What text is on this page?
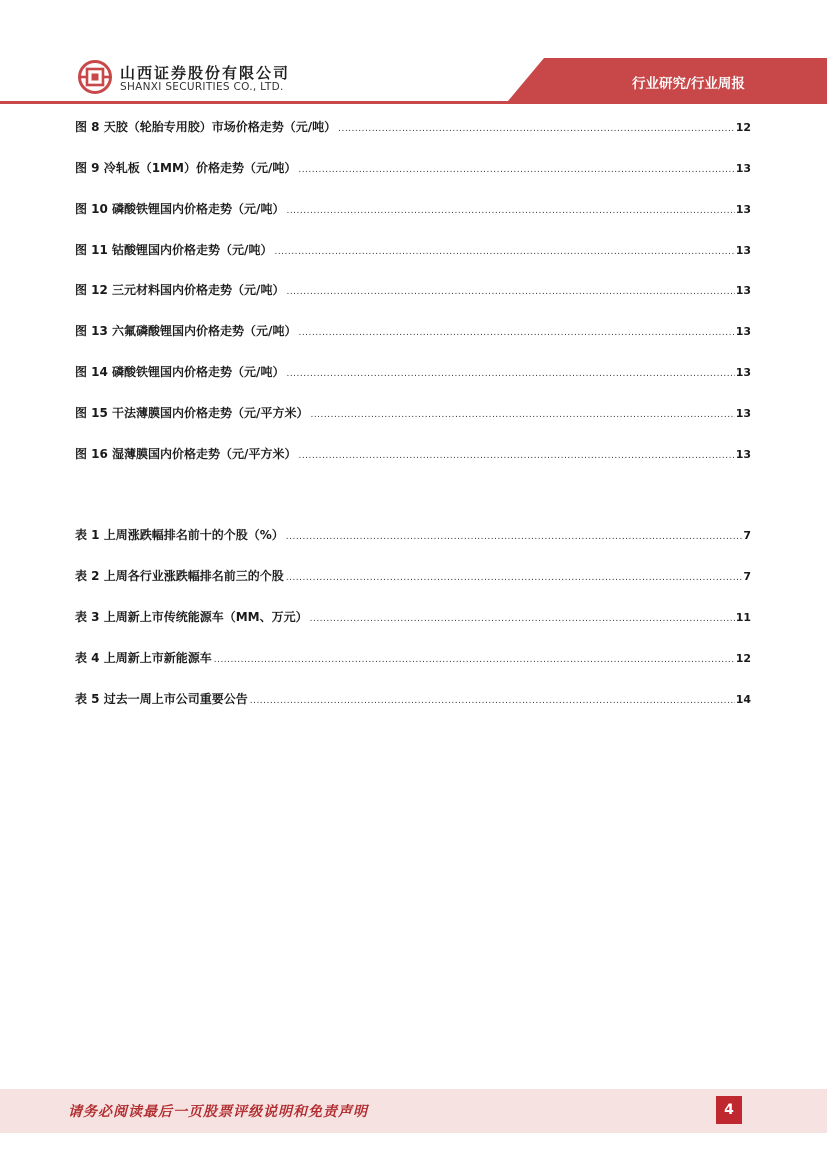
山西证券股份有限公司
SHANXI SECURITIES CO., LTD.	行业研究/行业周报
图 8 天胶（轮胎专用胶）市场价格走势（元/吨） .....	12
图 9 冷轧板（1MM）价格走势（元/吨） .....	13
图 10 磷酸铁锂国内价格走势（元/吨） .....	13
图 11 钴酸锂国内价格走势（元/吨） .....	13
图 12 三元材料国内价格走势（元/吨） .....	13
图 13 六氟磷酸锂国内价格走势（元/吨） .....	13
图 14 磷酸铁锂国内价格走势（元/吨） .....	13
图 15 干法薄膜国内价格走势（元/平方米） .....	13
图 16 湿薄膜国内价格走势（元/平方米） .....	13
表 1 上周涨跌幅排名前十的个股（%） .....	7
表 2 上周各行业涨跌幅排名前三的个股 .....	7
表 3 上周新上市传统能源车（MM、万元） .....	11
表 4 上周新上市新能源车 .....	12
表 5 过去一周上市公司重要公告 .....	14
请务必阅读最后一页股票评级说明和免责声明	4
